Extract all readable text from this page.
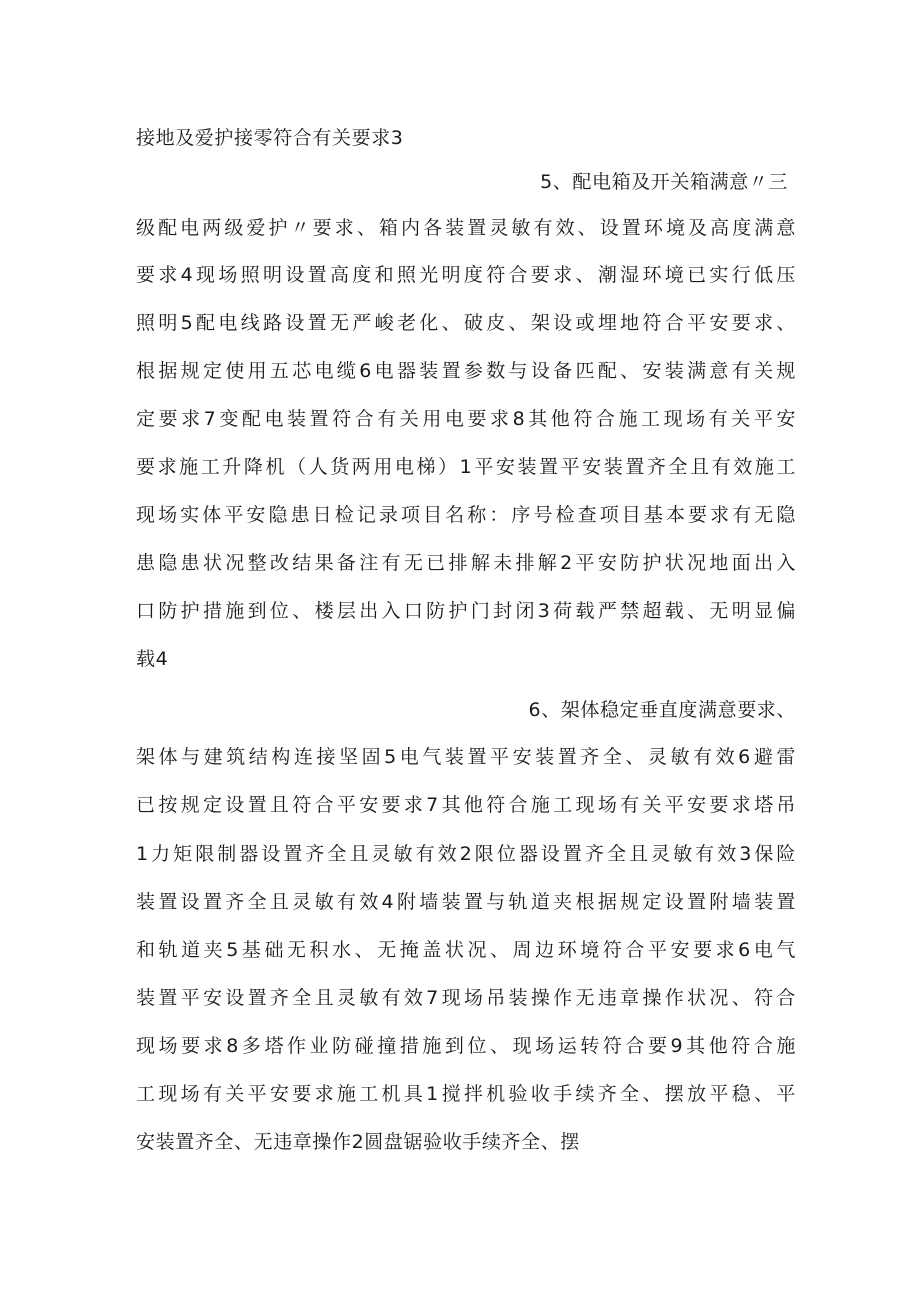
接地及爱护接零符合有关要求3
5、配电箱及开关箱满意〃三
级配电两级爱护〃要求、箱内各装置灵敏有效、设置环境及高度满意
要求4现场照明设置高度和照光明度符合要求、潮湿环境已实行低压
照明5配电线路设置无严峻老化、破皮、架设或埋地符合平安要求、
根据规定使用五芯电缆6电器装置参数与设备匹配、安装满意有关规
定要求7变配电装置符合有关用电要求8其他符合施工现场有关平安
要求施工升降机（人货两用电梯）1平安装置平安装置齐全且有效施工
现场实体平安隐患日检记录项目名称：序号检查项目基本要求有无隐
患隐患状况整改结果备注有无已排解未排解2平安防护状况地面出入
口防护措施到位、楼层出入口防护门封闭3荷载严禁超载、无明显偏
载4
6、架体稳定垂直度满意要求、
架体与建筑结构连接坚固5电气装置平安装置齐全、灵敏有效6避雷
已按规定设置且符合平安要求7其他符合施工现场有关平安要求塔吊
1力矩限制器设置齐全且灵敏有效2限位器设置齐全且灵敏有效3保险
装置设置齐全且灵敏有效4附墙装置与轨道夹根据规定设置附墙装置
和轨道夹5基础无积水、无掩盖状况、周边环境符合平安要求6电气
装置平安设置齐全且灵敏有效7现场吊装操作无违章操作状况、符合
现场要求8多塔作业防碰撞措施到位、现场运转符合要9其他符合施
工现场有关平安要求施工机具1搅拌机验收手续齐全、摆放平稳、平
安装置齐全、无违章操作2圆盘锯验收手续齐全、摆
